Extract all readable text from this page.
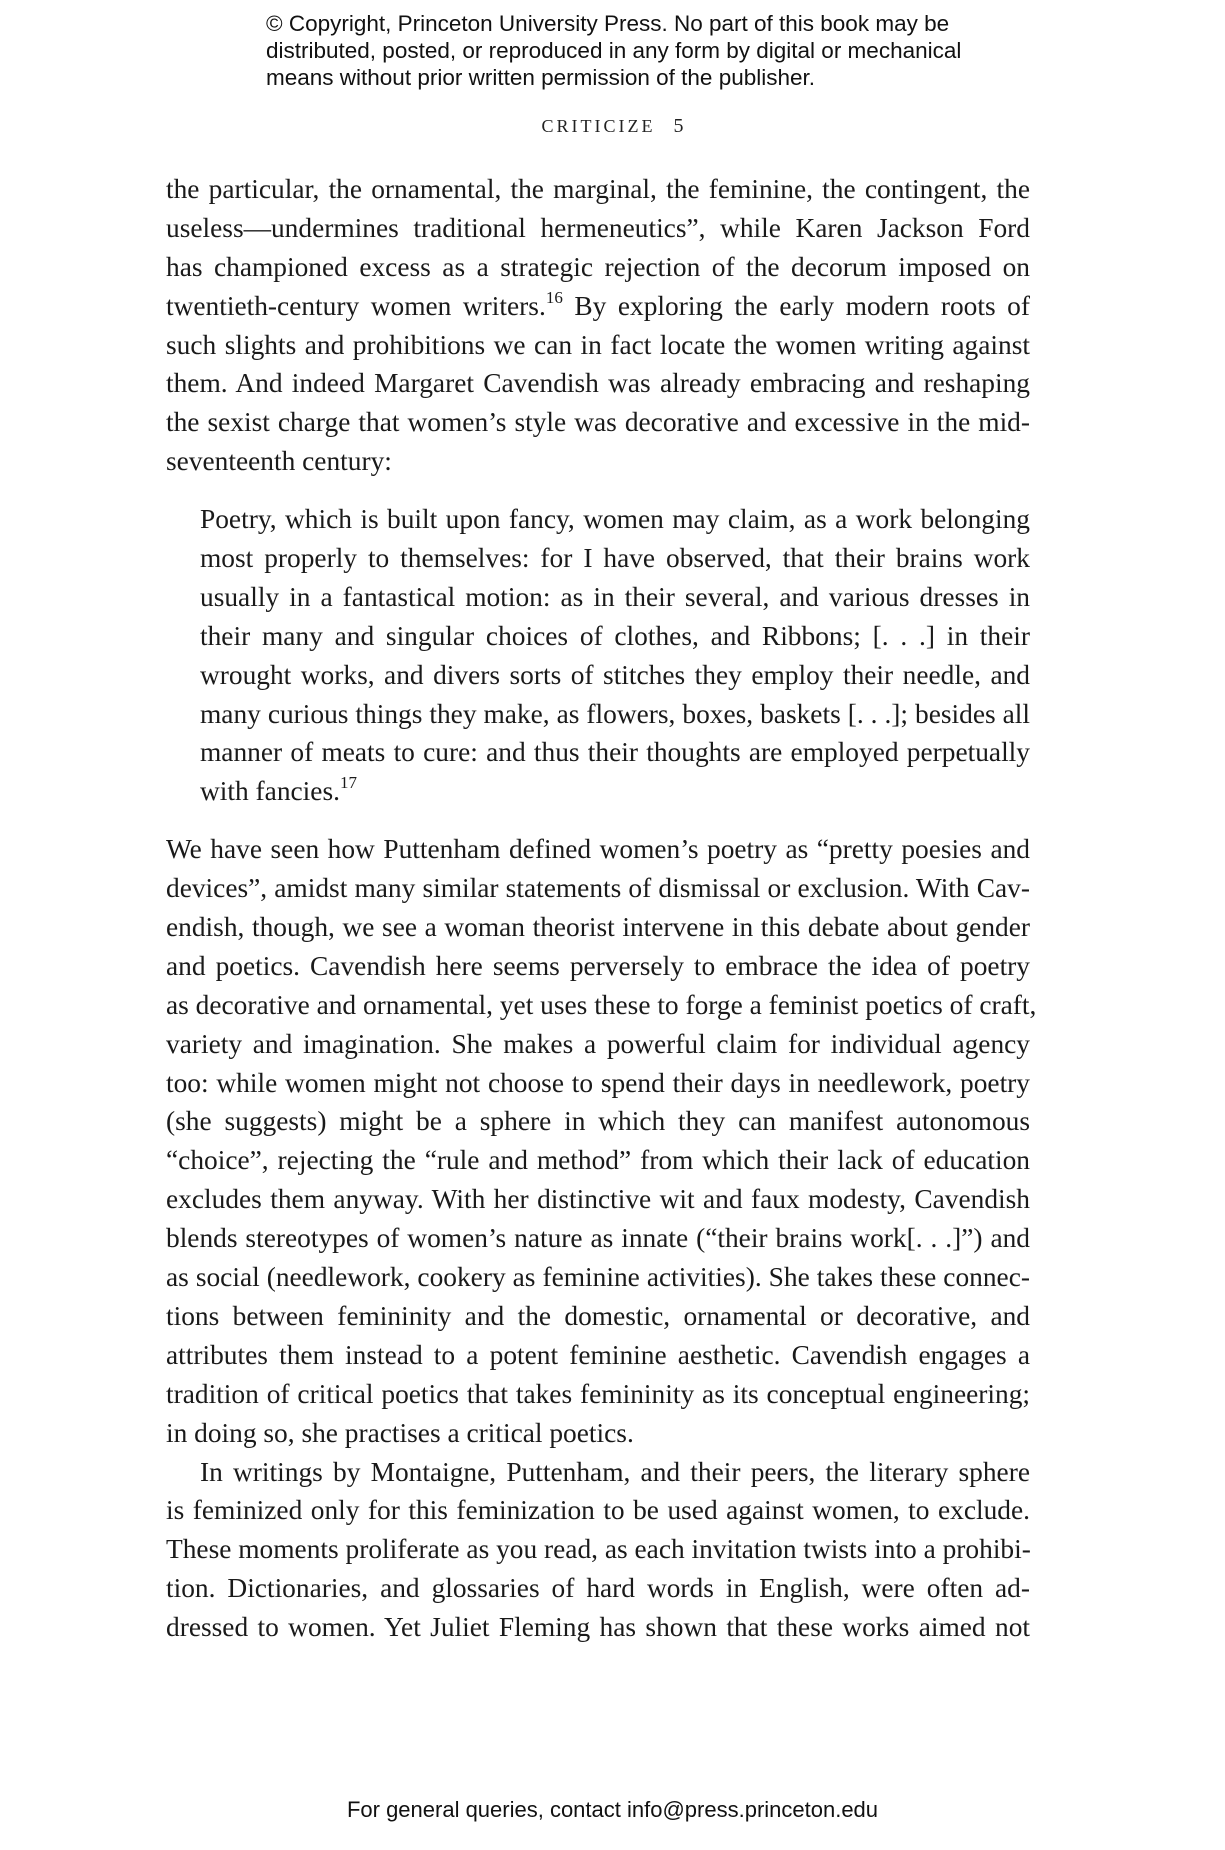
© Copyright, Princeton University Press. No part of this book may be
distributed, posted, or reproduced in any form by digital or mechanical
means without prior written permission of the publisher.
CRITICIZE 5
the particular, the ornamental, the marginal, the feminine, the contingent, the
useless—undermines traditional hermeneutics”, while Karen Jackson Ford
has championed excess as a strategic rejection of the decorum imposed on
twentieth-century women writers.$^{16}$ By exploring the early modern roots of
such slights and prohibitions we can in fact locate the women writing against
them. And indeed Margaret Cavendish was already embracing and reshaping
the sexist charge that women’s style was decorative and excessive in the mid-
seventeenth century:
Poetry, which is built upon fancy, women may claim, as a work belonging
most properly to themselves: for I have observed, that their brains work
usually in a fantastical motion: as in their several, and various dresses in
their many and singular choices of clothes, and Ribbons; [. . .] in their
wrought works, and divers sorts of stitches they employ their needle, and
many curious things they make, as flowers, boxes, baskets [. . .]; besides all
manner of meats to cure: and thus their thoughts are employed perpetually
with fancies.$^{17}$
We have seen how Puttenham defined women’s poetry as “pretty poesies and
devices”, amidst many similar statements of dismissal or exclusion. With Cav-
endish, though, we see a woman theorist intervene in this debate about gender
and poetics. Cavendish here seems perversely to embrace the idea of poetry
as decorative and ornamental, yet uses these to forge a feminist poetics of craft,
variety and imagination. She makes a powerful claim for individual agency
too: while women might not choose to spend their days in needlework, poetry
(she suggests) might be a sphere in which they can manifest autonomous
“choice”, rejecting the “rule and method” from which their lack of education
excludes them anyway. With her distinctive wit and faux modesty, Cavendish
blends stereotypes of women’s nature as innate (“their brains work[. . .]”) and
as social (needlework, cookery as feminine activities). She takes these connec-
tions between femininity and the domestic, ornamental or decorative, and
attributes them instead to a potent feminine aesthetic. Cavendish engages a
tradition of critical poetics that takes femininity as its conceptual engineering;
in doing so, she practises a critical poetics.
In writings by Montaigne, Puttenham, and their peers, the literary sphere
is feminized only for this feminization to be used against women, to exclude.
These moments proliferate as you read, as each invitation twists into a prohibi-
tion. Dictionaries, and glossaries of hard words in English, were often ad-
dressed to women. Yet Juliet Fleming has shown that these works aimed not
For general queries, contact info@press.princeton.edu
